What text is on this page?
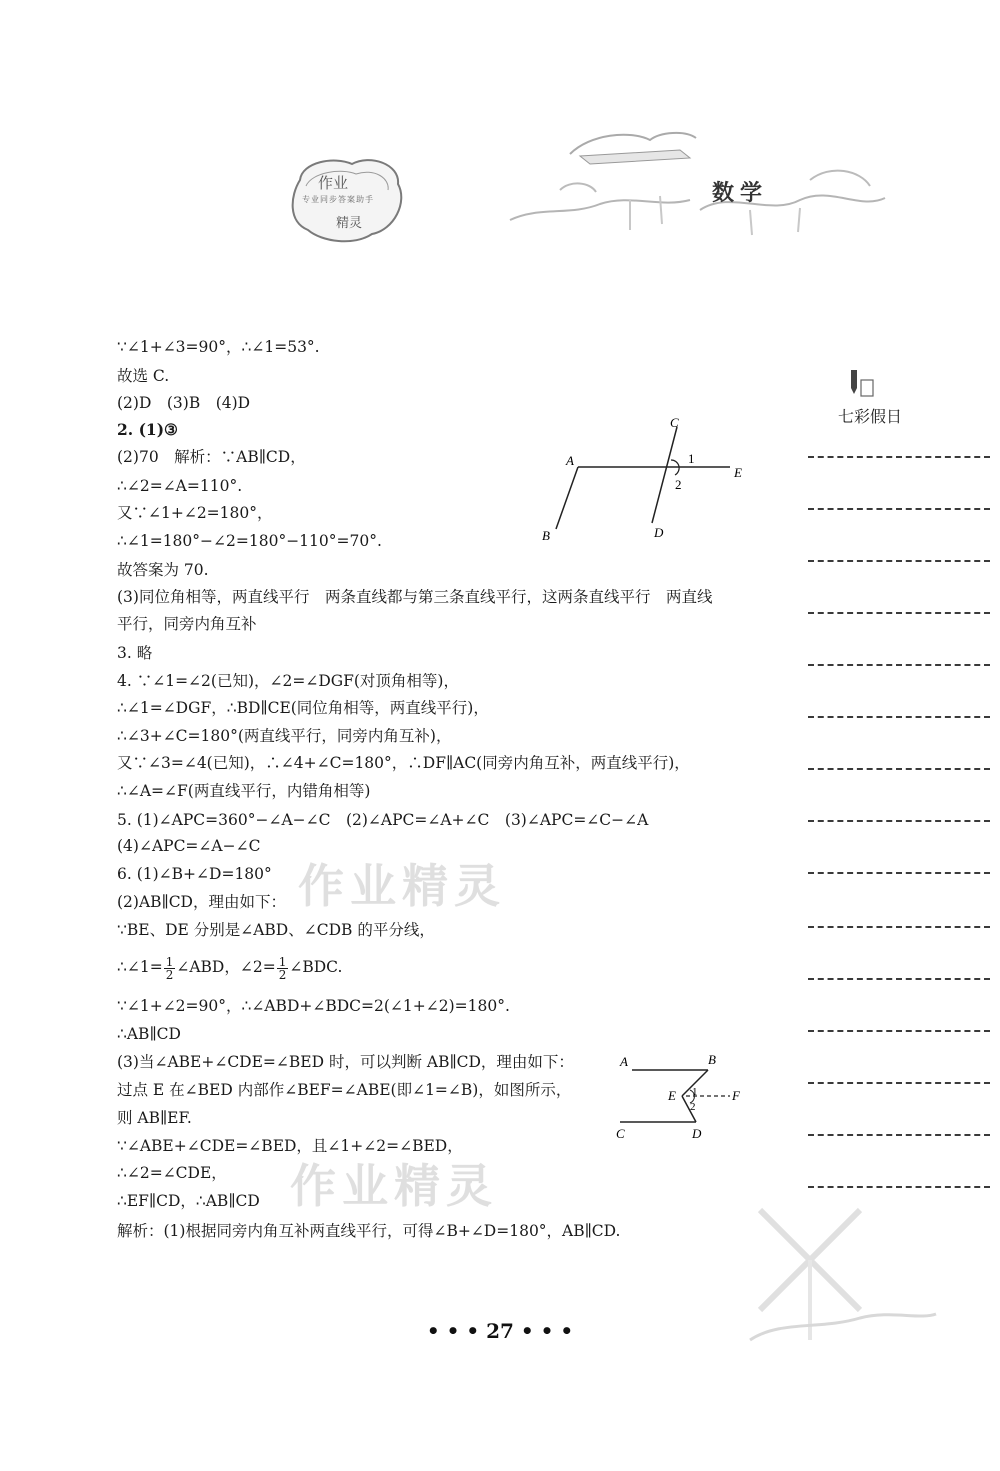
作业
专业同步答案助手
精灵
数学
七彩假日
作业精灵
作业精灵
∵∠1+∠3=90°，∴∠1=53°.
故选 C.
(2)D　(3)B　(4)D
2. (1)③
(2)70　解析：∵AB∥CD，
∴∠2=∠A=110°.
又∵∠1+∠2=180°，
∴∠1=180°−∠2=180°−110°=70°.
故答案为 70.
(3)同位角相等，两直线平行　两条直线都与第三条直线平行，这两条直线平行　两直线
平行，同旁内角互补
3. 略
4. ∵∠1=∠2(已知)，∠2=∠DGF(对顶角相等)，
∴∠1=∠DGF，∴BD∥CE(同位角相等，两直线平行)，
∴∠3+∠C=180°(两直线平行，同旁内角互补)，
又∵∠3=∠4(已知)，∴∠4+∠C=180°，∴DF∥AC(同旁内角互补，两直线平行)，
∴∠A=∠F(两直线平行，内错角相等)
5. (1)∠APC=360°−∠A−∠C　(2)∠APC=∠A+∠C　(3)∠APC=∠C−∠A
(4)∠APC=∠A−∠C
6. (1)∠B+∠D=180°
(2)AB∥CD，理由如下：
∵BE、DE 分别是∠ABD、∠CDB 的平分线，
∴∠1= $\frac{1}{2}$ ∠ABD，∠2= $\frac{1}{2}$ ∠BDC.
∵∠1+∠2=90°，∴∠ABD+∠BDC=2(∠1+∠2)=180°.
∴AB∥CD
(3)当∠ABE+∠CDE=∠BED 时，可以判断 AB∥CD，理由如下：
过点 E 在∠BED 内部作∠BEF=∠ABE(即∠1=∠B)，如图所示，
则 AB∥EF.
∵∠ABE+∠CDE=∠BED，且∠1+∠2=∠BED，
∴∠2=∠CDE，
∴EF∥CD，∴AB∥CD
解析：(1)根据同旁内角互补两直线平行，可得∠B+∠D=180°，AB∥CD.
A
B
C
D
E
1
2
A	B
C	D
E	F
1
2
• • • 27 • • •
